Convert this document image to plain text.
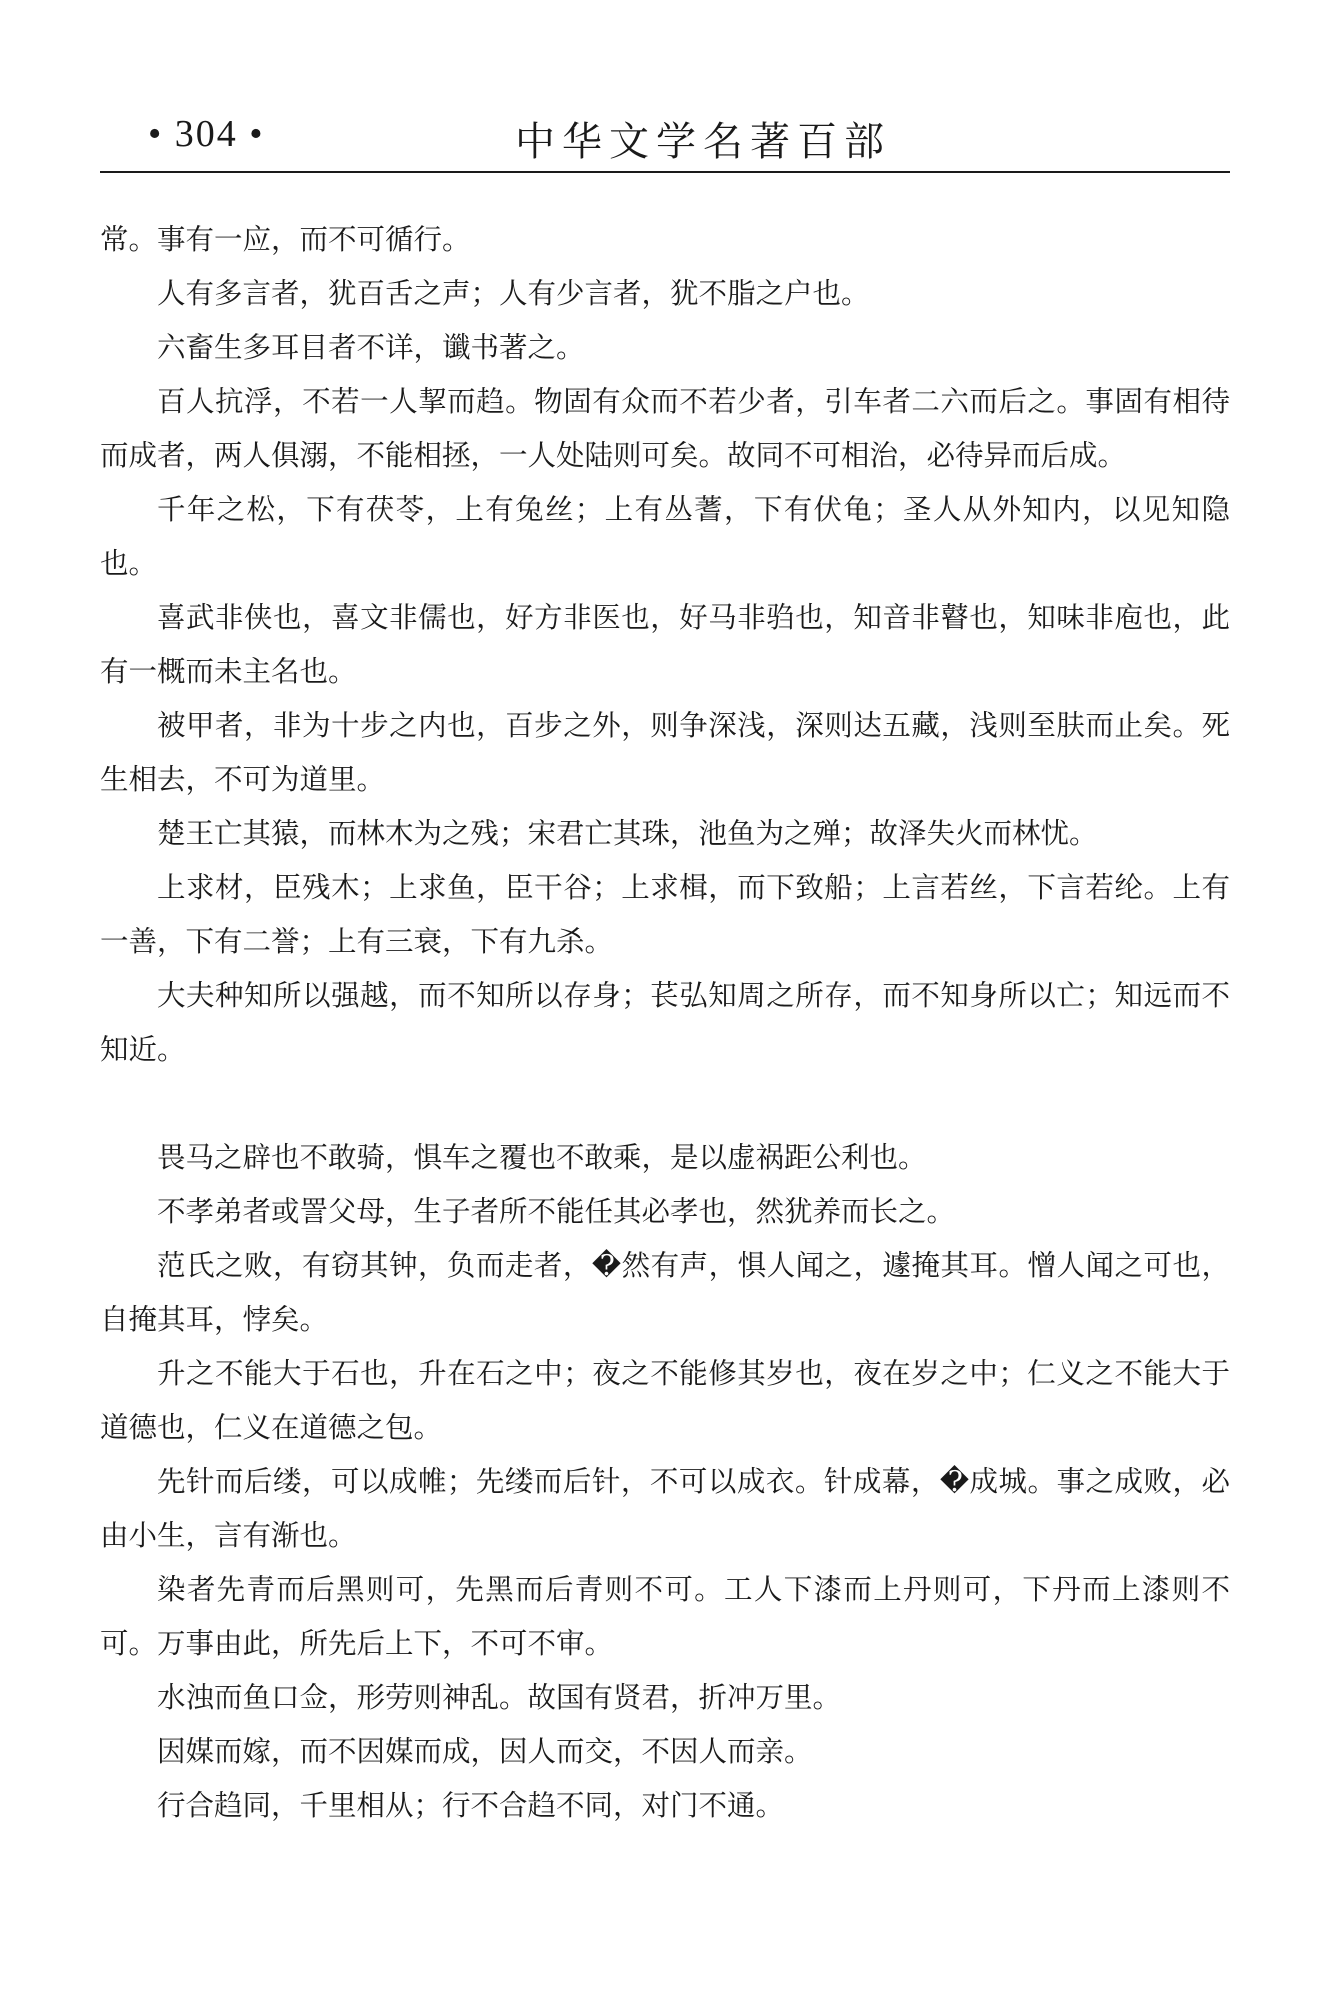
• 304 •	中华文学名著百部

常。事有一应，而不可循行。

人有多言者，犹百舌之声；人有少言者，犹不脂之户也。

六畜生多耳目者不详，谶书著之。

百人抗浮，不若一人挈而趋。物固有众而不若少者，引车者二六而后之。事固有相待而成者，两人俱溺，不能相拯，一人处陆则可矣。故同不可相治，必待异而后成。

千年之松，下有茯苓，上有兔丝；上有丛蓍，下有伏龟；圣人从外知内，以见知隐也。

喜武非侠也，喜文非儒也，好方非医也，好马非驺也，知音非瞽也，知味非庖也，此有一概而未主名也。

被甲者，非为十步之内也，百步之外，则争深浅，深则达五藏，浅则至肤而止矣。死生相去，不可为道里。

楚王亡其猿，而林木为之残；宋君亡其珠，池鱼为之殚；故泽失火而林忧。

上求材，臣残木；上求鱼，臣干谷；上求楫，而下致船；上言若丝，下言若纶。上有一善，下有二誉；上有三衰，下有九杀。

大夫种知所以强越，而不知所以存身；苌弘知周之所存，而不知身所以亡；知远而不知近。

畏马之辟也不敢骑，惧车之覆也不敢乘，是以虚祸距公利也。

不孝弟者或詈父母，生子者所不能任其必孝也，然犹养而长之。

范氏之败，有窃其钟，负而走者，�然有声，惧人闻之，遽掩其耳。憎人闻之可也，自掩其耳，悖矣。

升之不能大于石也，升在石之中；夜之不能修其岁也，夜在岁之中；仁义之不能大于道德也，仁义在道德之包。

先针而后缕，可以成帷；先缕而后针，不可以成衣。针成幕，�成城。事之成败，必由小生，言有渐也。

染者先青而后黑则可，先黑而后青则不可。工人下漆而上丹则可，下丹而上漆则不可。万事由此，所先后上下，不可不审。

水浊而鱼口佥，形劳则神乱。故国有贤君，折冲万里。

因媒而嫁，而不因媒而成，因人而交，不因人而亲。

行合趋同，千里相从；行不合趋不同，对门不通。
